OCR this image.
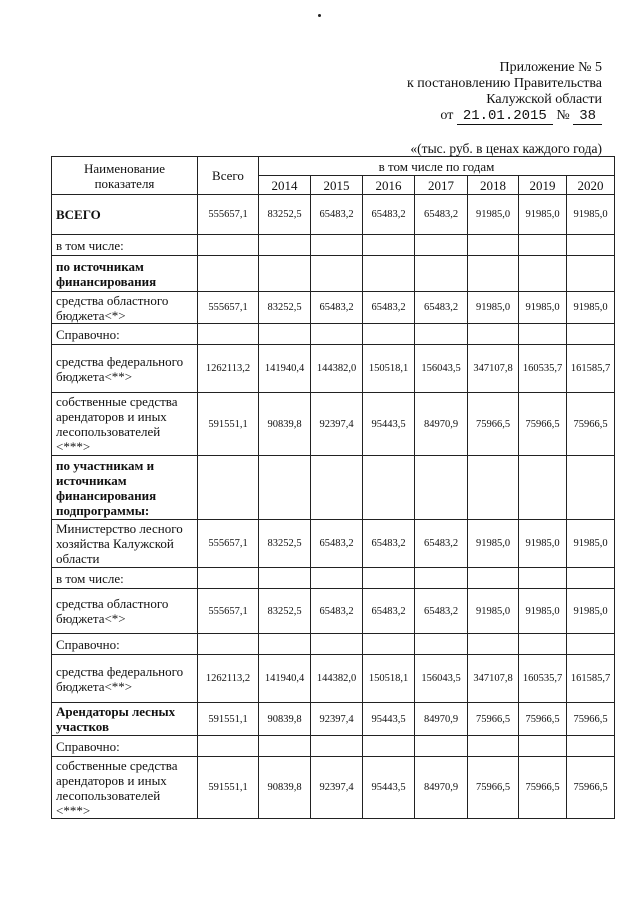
Приложение № 5
к постановлению Правительства
Калужской области
от 21.01.2015 № 38
«(тыс. руб. в ценах каждого года)
Наименование показателя	Всего	в том числе по годам						
		2014	2015	2016	2017	2018	2019	2020
ВСЕГО	555657,1	83252,5	65483,2	65483,2	65483,2	91985,0	91985,0	91985,0
в том числе:								
по источникам финансирования								
средства областного бюджета<*>	555657,1	83252,5	65483,2	65483,2	65483,2	91985,0	91985,0	91985,0
Справочно:								
средства федерального бюджета<**>	1262113,2	141940,4	144382,0	150518,1	156043,5	347107,8	160535,7	161585,7
собственные средства арендаторов и иных лесопользователей <***>	591551,1	90839,8	92397,4	95443,5	84970,9	75966,5	75966,5	75966,5
по участникам и источникам финансирования подпрограммы:								
Министерство лесного хозяйства Калужской области	555657,1	83252,5	65483,2	65483,2	65483,2	91985,0	91985,0	91985,0
в том числе:								
средства областного бюджета<*>	555657,1	83252,5	65483,2	65483,2	65483,2	91985,0	91985,0	91985,0
Справочно:								
средства федерального бюджета<**>	1262113,2	141940,4	144382,0	150518,1	156043,5	347107,8	160535,7	161585,7
Арендаторы лесных участков	591551,1	90839,8	92397,4	95443,5	84970,9	75966,5	75966,5	75966,5
Справочно:								
собственные средства арендаторов и иных лесопользователей <***>	591551,1	90839,8	92397,4	95443,5	84970,9	75966,5	75966,5	75966,5
